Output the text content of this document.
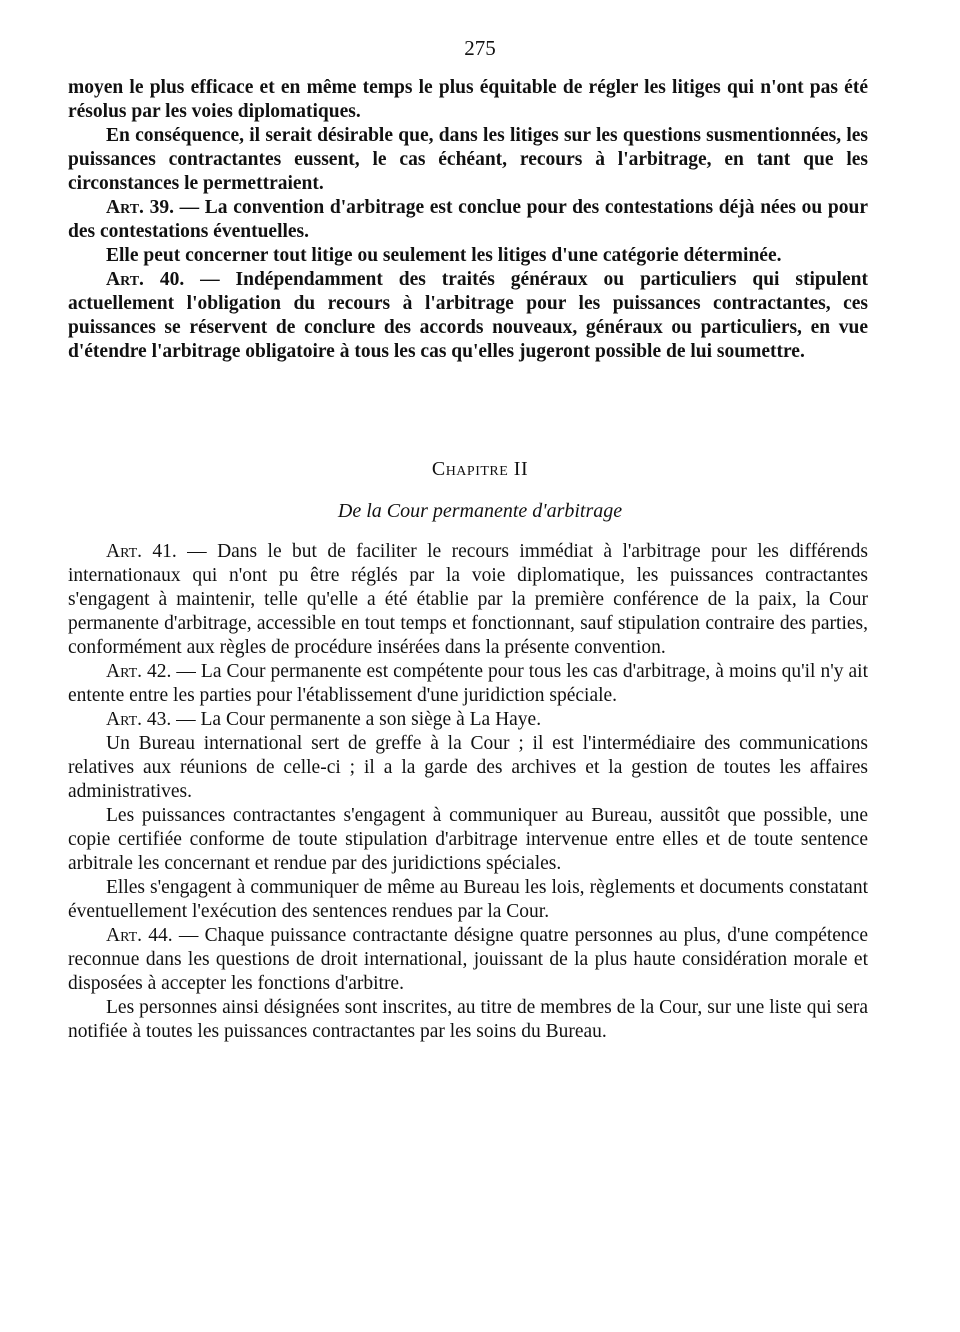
275

moyen le plus efficace et en même temps le plus équitable de régler les litiges qui n'ont pas été résolus par les voies diplomatiques.

En conséquence, il serait désirable que, dans les litiges sur les questions susmentionnées, les puissances contractantes eussent, le cas échéant, recours à l'arbitrage, en tant que les circonstances le permettraient.

Art. 39. — La convention d'arbitrage est conclue pour des contestations déjà nées ou pour des contestations éventuelles.

Elle peut concerner tout litige ou seulement les litiges d'une catégorie déterminée.

Art. 40. — Indépendamment des traités généraux ou particuliers qui stipulent actuellement l'obligation du recours à l'arbitrage pour les puissances contractantes, ces puissances se réservent de conclure des accords nouveaux, généraux ou particuliers, en vue d'étendre l'arbitrage obligatoire à tous les cas qu'elles jugeront possible de lui soumettre.

Chapitre II
De la Cour permanente d'arbitrage

Art. 41. — Dans le but de faciliter le recours immédiat à l'arbitrage pour les différends internationaux qui n'ont pu être réglés par la voie diplomatique, les puissances contractantes s'engagent à maintenir, telle qu'elle a été établie par la première conférence de la paix, la Cour permanente d'arbitrage, accessible en tout temps et fonctionnant, sauf stipulation contraire des parties, conformément aux règles de procédure insérées dans la présente convention.

Art. 42. — La Cour permanente est compétente pour tous les cas d'arbitrage, à moins qu'il n'y ait entente entre les parties pour l'établissement d'une juridiction spéciale.

Art. 43. — La Cour permanente a son siège à La Haye.

Un Bureau international sert de greffe à la Cour ; il est l'intermédiaire des communications relatives aux réunions de celle-ci ; il a la garde des archives et la gestion de toutes les affaires administratives.

Les puissances contractantes s'engagent à communiquer au Bureau, aussitôt que possible, une copie certifiée conforme de toute stipulation d'arbitrage intervenue entre elles et de toute sentence arbitrale les concernant et rendue par des juridictions spéciales.

Elles s'engagent à communiquer de même au Bureau les lois, règlements et documents constatant éventuellement l'exécution des sentences rendues par la Cour.

Art. 44. — Chaque puissance contractante désigne quatre personnes au plus, d'une compétence reconnue dans les questions de droit international, jouissant de la plus haute considération morale et disposées à accepter les fonctions d'arbitre.

Les personnes ainsi désignées sont inscrites, au titre de membres de la Cour, sur une liste qui sera notifiée à toutes les puissances contractantes par les soins du Bureau.
